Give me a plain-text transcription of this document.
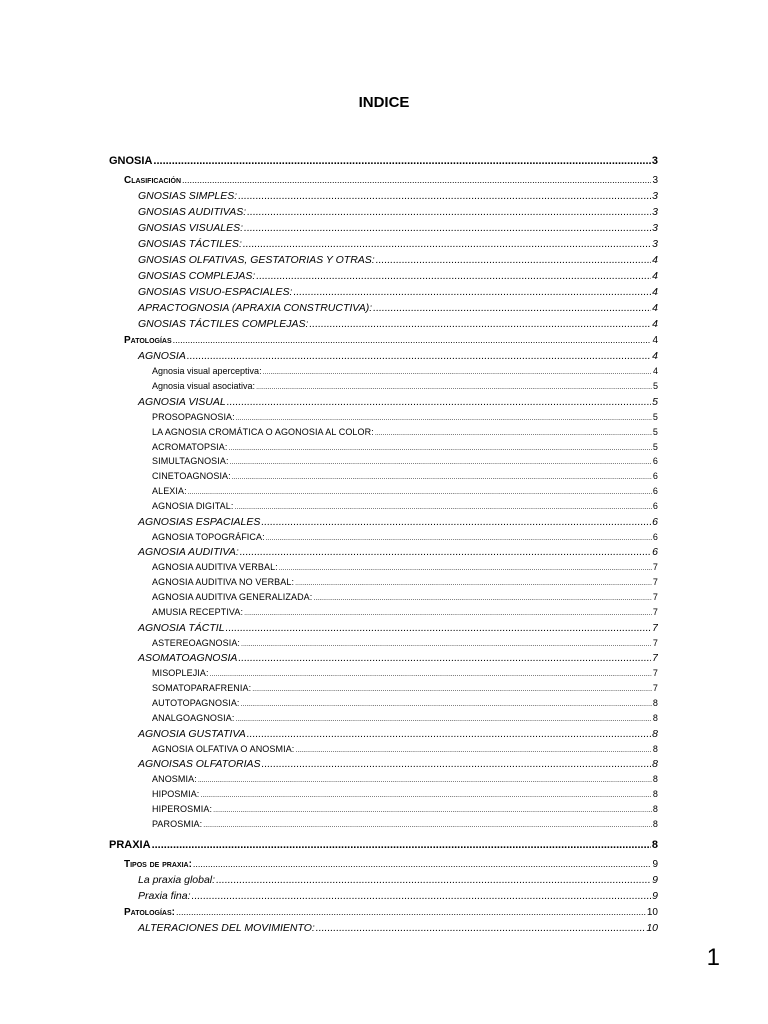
INDICE
GNOSIA .....	3
Clasificación .....	3
GNOSIAS SIMPLES: .....	3
GNOSIAS AUDITIVAS: .....	3
GNOSIAS VISUALES: .....	3
GNOSIAS TÁCTILES: .....	3
GNOSIAS OLFATIVAS, GESTATORIAS Y OTRAS: .....	4
GNOSIAS COMPLEJAS: .....	4
GNOSIAS VISUO-ESPACIALES: .....	4
APRACTOGNOSIA (APRAXIA CONSTRUCTIVA): .....	4
GNOSIAS TÁCTILES COMPLEJAS: .....	4
Patologías .....	4
AGNOSIA .....	4
Agnosia visual aperceptiva: .....	4
Agnosia visual asociativa: .....	5
AGNOSIA VISUAL .....	5
PROSOPAGNOSIA: .....	5
LA AGNOSIA CROMÁTICA O AGONOSIA AL COLOR: .....	5
ACROMATOPSIA: .....	5
SIMULTAGNOSIA: .....	6
CINETOAGNOSIA: .....	6
ALEXIA: .....	6
AGNOSIA DIGITAL: .....	6
AGNOSIAS ESPACIALES .....	6
AGNOSIA TOPOGRÁFICA: .....	6
AGNOSIA AUDITIVA: .....	6
AGNOSIA AUDITIVA VERBAL: .....	7
AGNOSIA AUDITIVA NO VERBAL: .....	7
AGNOSIA AUDITIVA GENERALIZADA: .....	7
AMUSIA RECEPTIVA: .....	7
AGNOSIA TÁCTIL .....	7
ASTEREOAGNOSIA: .....	7
ASOMATOAGNOSIA .....	7
MISOPLEJIA: .....	7
SOMATOPARAFRENIA: .....	7
AUTOTOPAGNOSIA: .....	8
ANALGOAGNOSIA: .....	8
AGNOSIA GUSTATIVA .....	8
AGNOSIA OLFATIVA O ANOSMIA: .....	8
AGNOISAS OLFATORIAS .....	8
ANOSMIA: .....	8
HIPOSMIA: .....	8
HIPEROSMIA: .....	8
PAROSMIA: .....	8
PRAXIA .....	8
Tipos de praxia: .....	9
La praxia global: .....	9
Praxia fina: .....	9
Patologías: .....	10
ALTERACIONES DEL MOVIMIENTO: .....	10
1
